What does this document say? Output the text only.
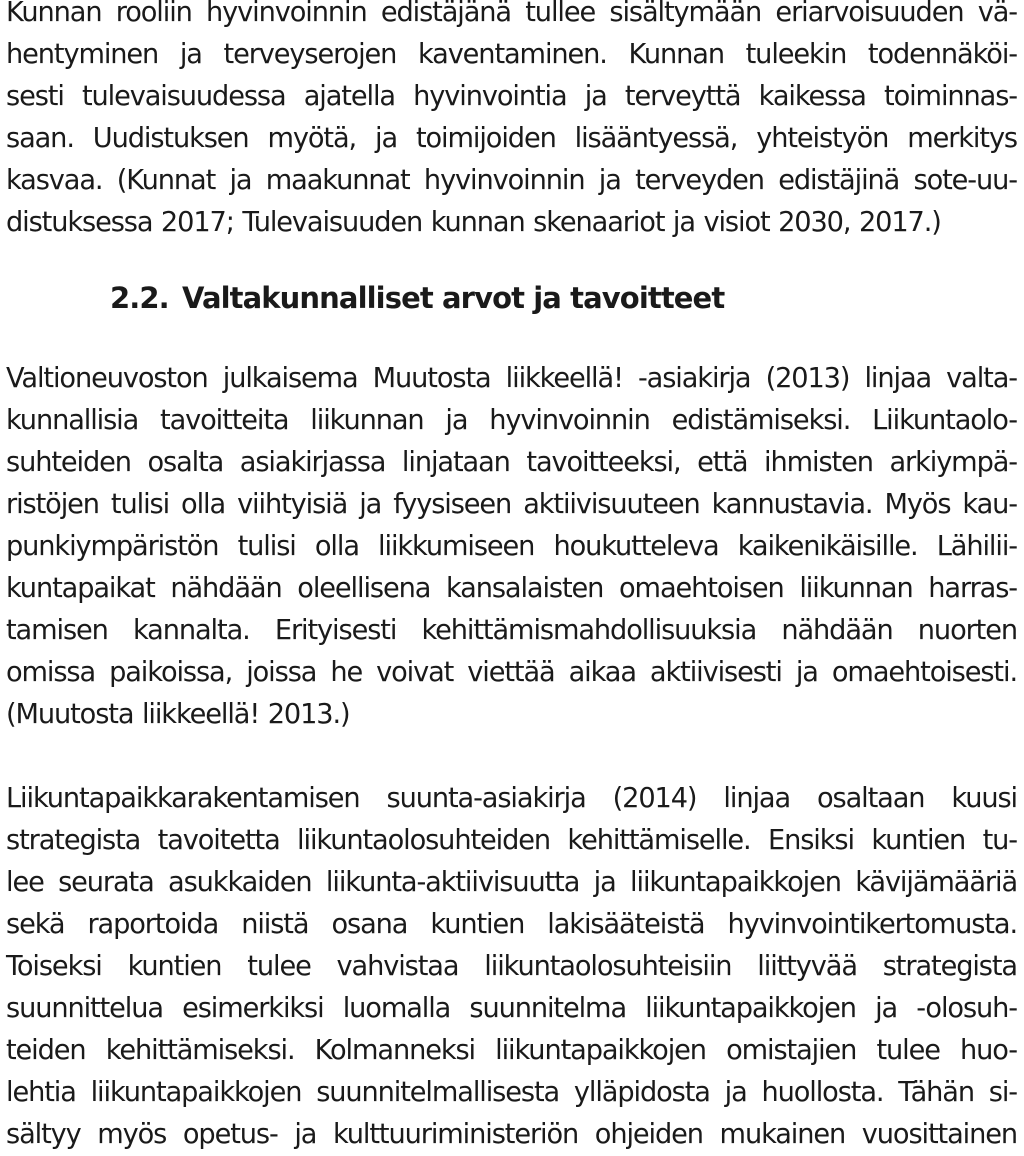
Kunnan rooliin hyvinvoinnin edistäjänä tullee sisältymään eriarvoisuuden vä-
hentyminen ja terveyserojen kaventaminen. Kunnan tuleekin todennäköi-
sesti tulevaisuudessa ajatella hyvinvointia ja terveyttä kaikessa toiminnas-
saan. Uudistuksen myötä, ja toimijoiden lisääntyessä, yhteistyön merkitys
kasvaa. (Kunnat ja maakunnat hyvinvoinnin ja terveyden edistäjinä sote-uu-
distuksessa 2017; Tulevaisuuden kunnan skenaariot ja visiot 2030, 2017.)
2.2. Valtakunnalliset arvot ja tavoitteet
Valtioneuvoston julkaisema Muutosta liikkeellä! -asiakirja (2013) linjaa valta-
kunnallisia tavoitteita liikunnan ja hyvinvoinnin edistämiseksi. Liikuntaolo-
suhteiden osalta asiakirjassa linjataan tavoitteeksi, että ihmisten arkiympä-
ristöjen tulisi olla viihtyisiä ja fyysiseen aktiivisuuteen kannustavia. Myös kau-
punkiympäristön tulisi olla liikkumiseen houkutteleva kaikenikäisille. Lähilii-
kuntapaikat nähdään oleellisena kansalaisten omaehtoisen liikunnan harras-
tamisen kannalta. Erityisesti kehittämismahdollisuuksia nähdään nuorten
omissa paikoissa, joissa he voivat viettää aikaa aktiivisesti ja omaehtoisesti.
(Muutosta liikkeellä! 2013.)
Liikuntapaikkarakentamisen suunta-asiakirja (2014) linjaa osaltaan kuusi
strategista tavoitetta liikuntaolosuhteiden kehittämiselle. Ensiksi kuntien tu-
lee seurata asukkaiden liikunta-aktiivisuutta ja liikuntapaikkojen kävijämääriä
sekä raportoida niistä osana kuntien lakisääteistä hyvinvointikertomusta.
Toiseksi kuntien tulee vahvistaa liikuntaolosuhteisiin liittyvää strategista
suunnittelua esimerkiksi luomalla suunnitelma liikuntapaikkojen ja -olosuh-
teiden kehittämiseksi. Kolmanneksi liikuntapaikkojen omistajien tulee huo-
lehtia liikuntapaikkojen suunnitelmallisesta ylläpidosta ja huollosta. Tähän si-
sältyy myös opetus- ja kulttuuriministeriön ohjeiden mukainen vuosittainen
